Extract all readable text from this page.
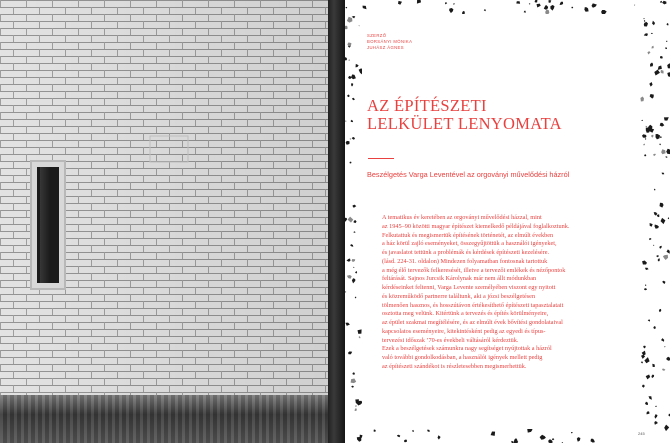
SZERZŐ
BORSÁNYI MÓNIKA
JUHÁSZ ÁGNES
AZ ÉPÍTÉSZETI
LELKÜLET LENYOMATA
Beszélgetés Varga Leventével az orgoványi művelődési házról
A tematikus év keretében az orgoványi művelődési házzal, mint
az 1945–90 közötti magyar építészet kiemelkedő példájával foglalkoztunk.
Felkutattuk és megismertük építésének történetét, az elmúlt években
a ház körül zajló eseményeket, összegyűjtöttük a használói igényeket,
és javaslatot tettünk a problémák és kérdések építészeti kezelésére.
(lásd. 224-31. oldalon) Mindezen folyamatban fontosnak tartottuk
a még élő tervezők felkeresését, illetve a tervezői emlékek és nézőpontok
feltárását. Sajnos Jurcsik Károlynak már nem állt módunkban
kérdéseinket feltenni, Varga Levente személyében viszont egy nyitott
és közreműködő partnerre találtunk, aki a józsi beszélgetésen
tölmenően hasznos, és hosszútávon értékesíthető építészeti tapasztalatait
osztotta meg velünk. Kitértünk a tervezés és építés körülményeire,
az épület szakmai megítélésére, és az elmúlt évek bővítési gondolataival
kapcsolatos eseményeire, kitekintésként pedig az egyedi és típus-
tervezési időszak ’70-es évekbeli váltásáról kérdeztük.
Ezek a beszélgetések számunkra nagy segítséget nyújtottak a házról
való további gondolkodásban, a használói igények mellett pedig
az építészeti szándékot is részletesebben megismerhettük.
245
